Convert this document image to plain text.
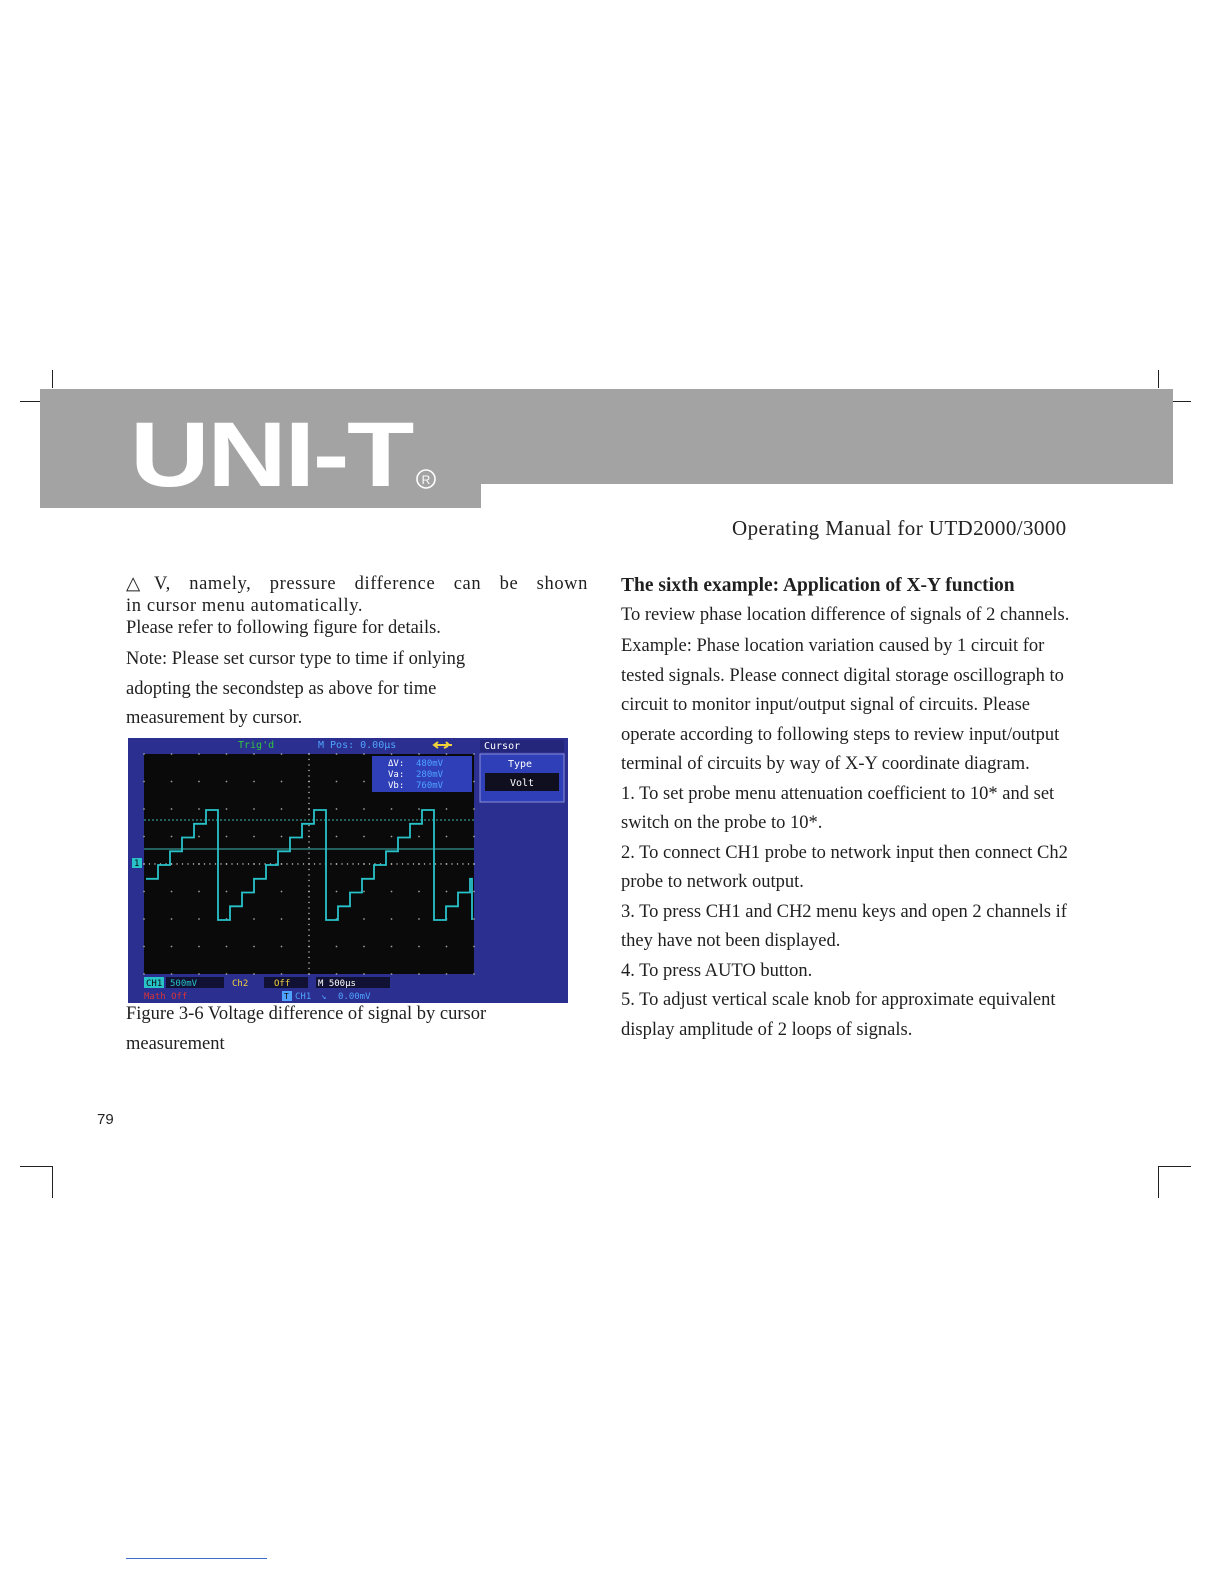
UNI-T R
Operating Manual for UTD2000/3000

△V, namely, pressure difference can be shown

in cursor menu automatically.

Please refer to following figure for details.

Note: Please set cursor type to time if onlying adopting the secondstep as above for time measurement by cursor.

Trig'd	M Pos: 0.00μs
1
ΔV: 480mV
Va: 280mV
Vb: 760mV
Cursor
Type
Volt
CH1 500mV	Ch2	Off	M 500μs
Math Off	T CH1 ↘ 0.00mV
Figure 3-6 Voltage difference of signal by cursor measurement

The sixth example: Application of X-Y function

To review phase location difference of signals of 2 channels.

Example: Phase location variation caused by 1 circuit for tested signals. Please connect digital storage oscillograph to circuit to monitor input/output signal of circuits. Please operate according to following steps to review input/output terminal of circuits by way of X-Y coordinate diagram.

1. To set probe menu attenuation coefficient to 10* and set switch on the probe to 10*.

2. To connect CH1 probe to network input then connect Ch2 probe to network output.

3. To press CH1 and CH2 menu keys and open 2 channels if they have not been displayed.

4. To press AUTO button.

5. To adjust vertical scale knob for approximate equivalent display amplitude of 2 loops of signals.

79
